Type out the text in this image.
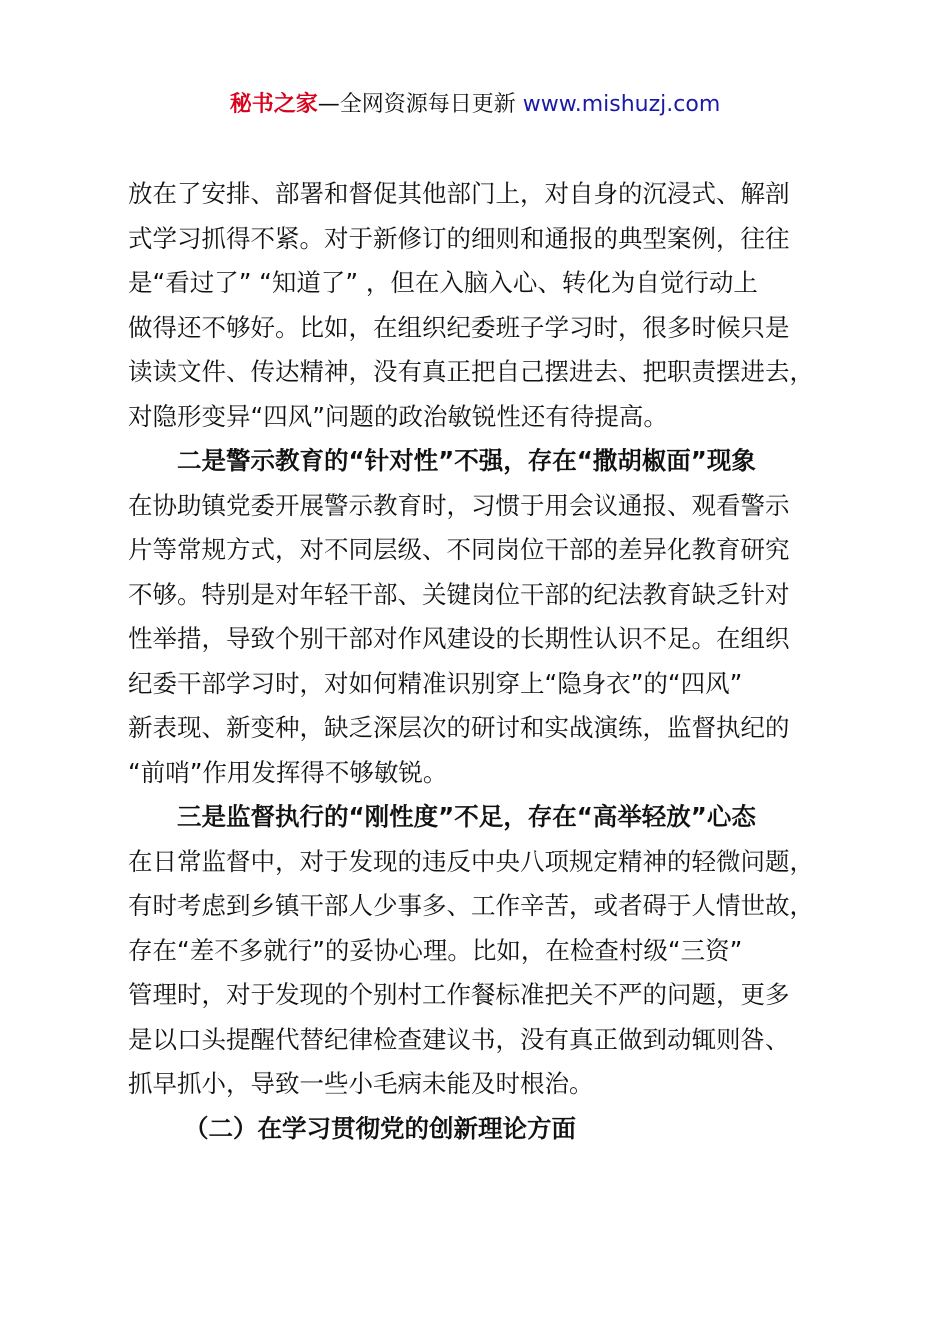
秘书之家—全网资源每日更新 www.mishuzj.com
放在了安排、部署和督促其他部门上，对自身的沉浸式、解剖
式学习抓得不紧。对于新修订的细则和通报的典型案例，往往
是“看过了” “知道了” ，但在入脑入心、转化为自觉行动上
做得还不够好。比如，在组织纪委班子学习时，很多时候只是
读读文件、传达精神，没有真正把自己摆进去、把职责摆进去，
对隐形变异“四风”问题的政治敏锐性还有待提高。
二是警示教育的“针对性”不强，存在“撒胡椒面”现象
在协助镇党委开展警示教育时，习惯于用会议通报、观看警示
片等常规方式，对不同层级、不同岗位干部的差异化教育研究
不够。特别是对年轻干部、关键岗位干部的纪法教育缺乏针对
性举措，导致个别干部对作风建设的长期性认识不足。在组织
纪委干部学习时，对如何精准识别穿上“隐身衣”的“四风”
新表现、新变种，缺乏深层次的研讨和实战演练，监督执纪的
“前哨”作用发挥得不够敏锐。
三是监督执行的“刚性度”不足，存在“高举轻放”心态
在日常监督中，对于发现的违反中央八项规定精神的轻微问题，
有时考虑到乡镇干部人少事多、工作辛苦，或者碍于人情世故，
存在“差不多就行”的妥协心理。比如，在检查村级“三资”
管理时，对于发现的个别村工作餐标准把关不严的问题，更多
是以口头提醒代替纪律检查建议书，没有真正做到动辄则咎、
抓早抓小，导致一些小毛病未能及时根治。
（二）在学习贯彻党的创新理论方面
